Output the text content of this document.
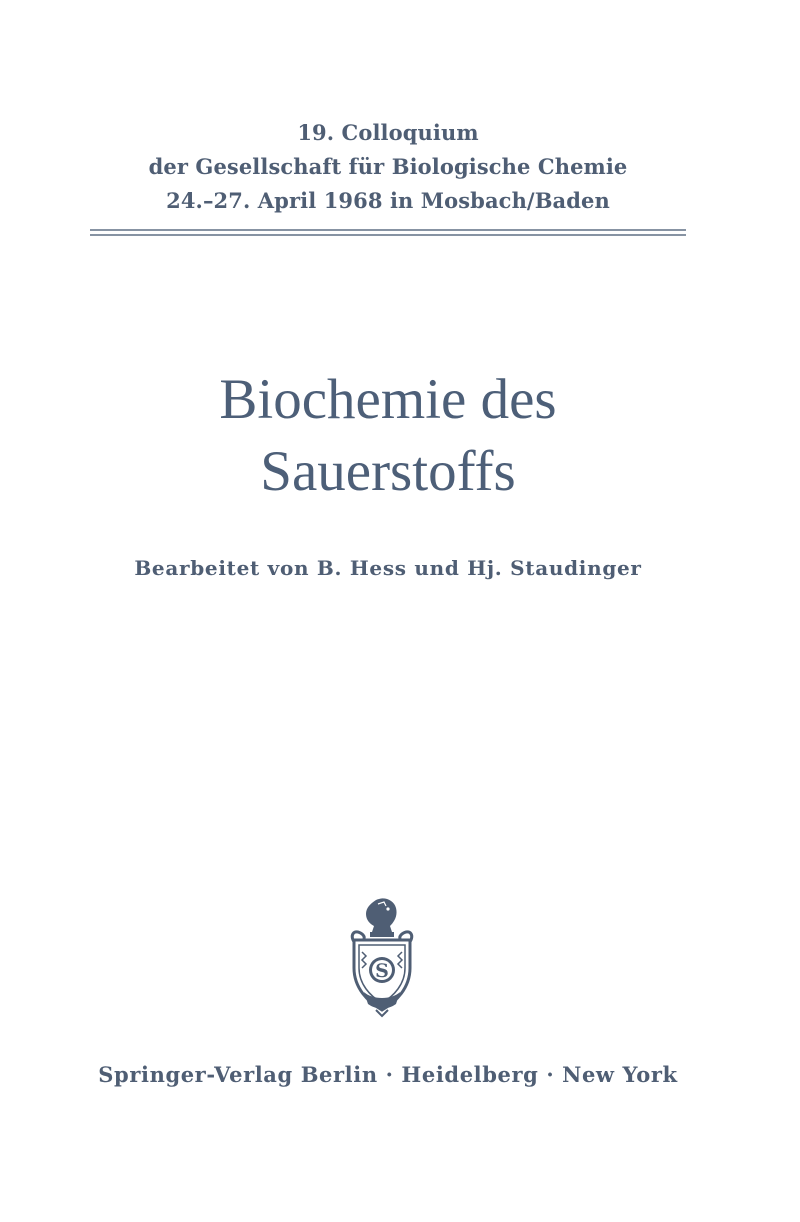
19. Colloquium
der Gesellschaft für Biologische Chemie
24.–27. April 1968 in Mosbach/Baden
Biochemie des
Sauerstoffs
Bearbeitet von B. Hess und Hj. Staudinger
S
Springer-Verlag Berlin · Heidelberg · New York
